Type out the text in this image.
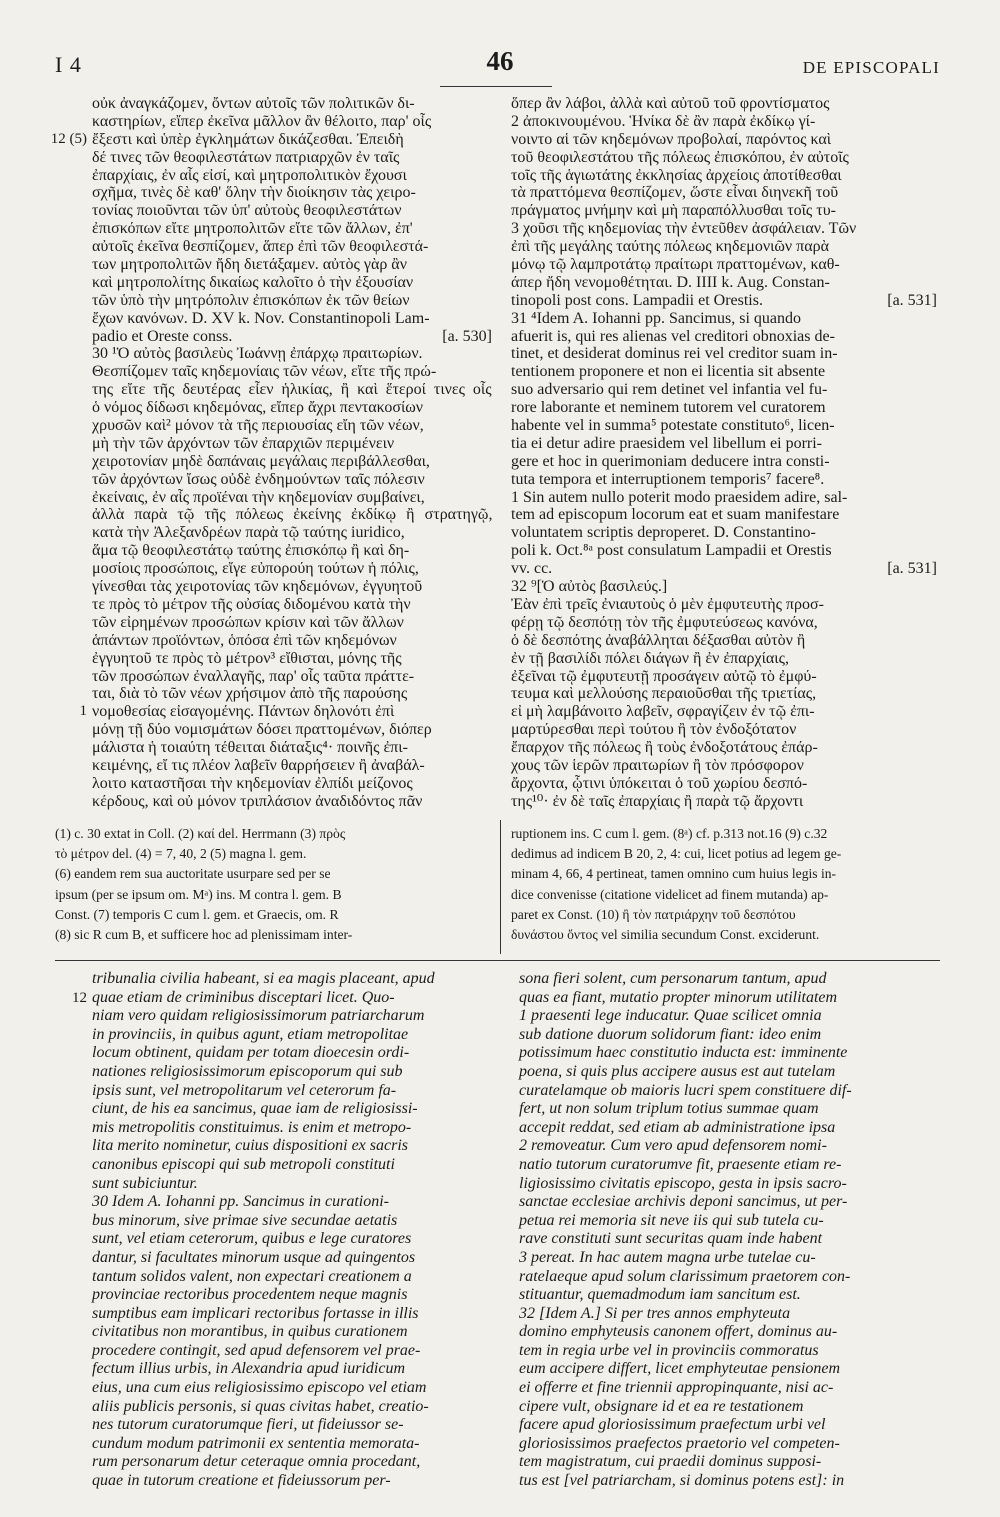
I 4	46	DE EPISCOPALI
οὐκ ἀναγκάζομεν, ὄντων αὐτοῖς τῶν πολιτικῶν δι-
καστηρίων, εἴπερ ἐκεῖνα μᾶλλον ἂν θέλοιτο, παρ' οἷς
12 (5) ἔξεστι καὶ ὑπὲρ ἐγκλημάτων δικάζεσθαι. Ἐπειδὴ
δέ τινες τῶν θεοφιλεστάτων πατριαρχῶν ἐν ταῖς
ἐπαρχίαις, ἐν αἷς εἰσί, καὶ μητροπολιτικὸν ἔχουσι
σχῆμα, τινὲς δὲ καθ' ὅλην τὴν διοίκησιν τὰς χειρο-
τονίας ποιοῦνται τῶν ὑπ' αὐτοὺς θεοφιλεστάτων
ἐπισκόπων εἴτε μητροπολιτῶν εἴτε τῶν ἄλλων, ἐπ'
αὐτοῖς ἐκεῖνα θεσπίζομεν, ἅπερ ἐπὶ τῶν θεοφιλεστά-
των μητροπολιτῶν ἤδη διετάξαμεν. αὐτὸς γὰρ ἂν
καὶ μητροπολίτης δικαίως καλοῖτο ὁ τὴν ἐξουσίαν
τῶν ὑπὸ τὴν μητρόπολιν ἐπισκόπων ἐκ τῶν θείων
ἔχων κανόνων. D. XV k. Nov. Constantinopoli Lam-
padio et Oreste conss.	[a. 530]
30 ¹Ὁ αὐτὸς βασιλεὺς Ἰωάννῃ ἐπάρχῳ πραιτωρίων.
Θεσπίζομεν ταῖς κηδεμονίαις τῶν νέων, εἴτε τῆς πρώ-
της εἴτε τῆς δευτέρας εἶεν ἡλικίας, ἢ καὶ ἕτεροί τινες οἷς
ὁ νόμος δίδωσι κηδεμόνας, εἴπερ ἄχρι πεντακοσίων
χρυσῶν καὶ² μόνον τὰ τῆς περιουσίας εἴη τῶν νέων,
μὴ τὴν τῶν ἀρχόντων τῶν ἐπαρχιῶν περιμένειν
χειροτονίαν μηδὲ δαπάναις μεγάλαις περιβάλλεσθαι,
τῶν ἀρχόντων ἴσως οὐδὲ ἐνδημούντων ταῖς πόλεσιν
ἐκείναις, ἐν αἷς προϊέναι τὴν κηδεμονίαν συμβαίνει,
ἀλλὰ παρὰ τῷ τῆς πόλεως ἐκείνης ἐκδίκῳ ἢ στρατηγῷ,
κατὰ τὴν Ἀλεξανδρέων παρὰ τῷ ταύτης iuridico,
ἅμα τῷ θεοφιλεστάτῳ ταύτης ἐπισκόπῳ ἢ καὶ δη-
μοσίοις προσώποις, εἴγε εὐπορούη τούτων ἡ πόλις,
γίνεσθαι τὰς χειροτονίας τῶν κηδεμόνων, ἐγγυητοῦ
τε πρὸς τὸ μέτρον τῆς οὐσίας διδομένου κατὰ τὴν
τῶν εἰρημένων προσώπων κρίσιν καὶ τῶν ἄλλων
ἁπάντων προϊόντων, ὁπόσα ἐπὶ τῶν κηδεμόνων
ἐγγυητοῦ τε πρὸς τὸ μέτρον³ εἴθισται, μόνης τῆς
τῶν προσώπων ἐναλλαγῆς, παρ' οἷς ταῦτα πράττε-
ται, διὰ τὸ τῶν νέων χρήσιμον ἀπὸ τῆς παρούσης
1 νομοθεσίας εἰσαγομένης. Πάντων δηλονότι ἐπὶ
μόνῃ τῇ δύο νομισμάτων δόσει πραττομένων, διόπερ
μάλιστα ἡ τοιαύτη τέθειται διάταξις⁴· ποινῆς ἐπι-
κειμένης, εἴ τις πλέον λαβεῖν θαρρήσειεν ἢ ἀναβάλ-
λοιτο καταστῆσαι τὴν κηδεμονίαν ἐλπίδι μείζονος
κέρδους, καὶ οὐ μόνον τριπλάσιον ἀναδιδόντος πᾶν
ὅπερ ἂν λάβοι, ἀλλὰ καὶ αὐτοῦ τοῦ φροντίσματος
2 ἀποκινουμένου. Ἡνίκα δὲ ἂν παρὰ ἐκδίκῳ γί-
νοιντο αἱ τῶν κηδεμόνων προβολαί, παρόντος καὶ
τοῦ θεοφιλεστάτου τῆς πόλεως ἐπισκόπου, ἐν αὐτοῖς
τοῖς τῆς ἁγιωτάτης ἐκκλησίας ἀρχείοις ἀποτίθεσθαι
τὰ πραττόμενα θεσπίζομεν, ὥστε εἶναι διηνεκῆ τοῦ
πράγματος μνήμην καὶ μὴ παραπόλλυσθαι τοῖς τυ-
3 χοῦσι τῆς κηδεμονίας τὴν ἐντεῦθεν ἀσφάλειαν. Τῶν
ἐπὶ τῆς μεγάλης ταύτης πόλεως κηδεμονιῶν παρὰ
μόνῳ τῷ λαμπροτάτῳ πραίτωρι πραττομένων, καθ-
άπερ ἤδη νενομοθέτηται. D. IIII k. Aug. Constan-
tinopoli post cons. Lampadii et Orestis.	[a. 531]
31 ⁴Idem A. Iohanni pp. Sancimus, si quando
afuerit is, qui res alienas vel creditori obnoxias de-
tinet, et desiderat dominus rei vel creditor suam in-
tentionem proponere et non ei licentia sit absente
suo adversario qui rem detinet vel infantia vel fu-
rore laborante et neminem tutorem vel curatorem
habente vel in summa⁵ potestate constituto⁶, licen-
tia ei detur adire praesidem vel libellum ei porri-
gere et hoc in querimoniam deducere intra consti-
tuta tempora et interruptionem temporis⁷ facere⁸.
1 Sin autem nullo poterit modo praesidem adire, sal-
tem ad episcopum locorum eat et suam manifestare
voluntatem scriptis deproperet. D. Constantino-
poli k. Oct.⁸ᵃ post consulatum Lampadii et Orestis
vv. cc.	[a. 531]
32 ⁹[Ὁ αὐτὸς βασιλεύς.]
Ἐὰν ἐπὶ τρεῖς ἐνιαυτοὺς ὁ μὲν ἐμφυτευτὴς προσ-
φέρῃ τῷ δεσπότῃ τὸν τῆς ἐμφυτεύσεως κανόνα,
ὁ δὲ δεσπότης ἀναβάλληται δέξασθαι αὐτὸν ἢ
ἐν τῇ βασιλίδι πόλει διάγων ἢ ἐν ἐπαρχίαις,
ἐξεῖναι τῷ ἐμφυτευτῇ προσάγειν αὐτῷ τὸ ἐμφύ-
τευμα καὶ μελλούσης περαιοῦσθαι τῆς τριετίας,
εἰ μὴ λαμβάνοιτο λαβεῖν, σφραγίζειν ἐν τῷ ἐπι-
μαρτύρεσθαι περὶ τούτου ἢ τὸν ἐνδοξότατον
ἔπαρχον τῆς πόλεως ἢ τοὺς ἐνδοξοτάτους ἐπάρ-
χους τῶν ἱερῶν πραιτωρίων ἢ τὸν πρόσφορον
ἄρχοντα, ᾧτινι ὑπόκειται ὁ τοῦ χωρίου δεσπό-
της¹⁰· ἐν δὲ ταῖς ἐπαρχίαις ἢ παρὰ τῷ ἄρχοντι
(1) c. 30 extat in Coll. (2) καί del. Herrmann (3) πρὸς
τὸ μέτρον del. (4) = 7, 40, 2 (5) magna l. gem.
(6) eandem rem sua auctoritate usurpare sed per se
ipsum (per se ipsum om. Mᵃ) ins. M contra l. gem. B
Const. (7) temporis C cum l. gem. et Graecis, om. R
(8) sic R cum B, et sufficere hoc ad plenissimam inter-
ruptionem ins. C cum l. gem. (8ᵃ) cf. p.313 not.16 (9) c.32
dedimus ad indicem B 20, 2, 4: cui, licet potius ad legem ge-
minam 4, 66, 4 pertineat, tamen omnino cum huius legis in-
dice convenisse (citatione videlicet ad finem mutanda) ap-
paret ex Const. (10) ἢ τὸν πατριάρχην τοῦ δεσπότου
δυνάστου ὄντος vel similia secundum Const. exciderunt.
tribunalia civilia habeant, si ea magis placeant, apud
12 quae etiam de criminibus disceptari licet. Quo-
niam vero quidam religiosissimorum patriarcharum
in provinciis, in quibus agunt, etiam metropolitae
locum obtinent, quidam per totam dioecesin ordi-
nationes religiosissimorum episcoporum qui sub
ipsis sunt, vel metropolitarum vel ceterorum fa-
ciunt, de his ea sancimus, quae iam de religiosissi-
mis metropolitis constituimus. is enim et metropo-
lita merito nominetur, cuius dispositioni ex sacris
canonibus episcopi qui sub metropoli constituti
sunt subiciuntur.
30 Idem A. Iohanni pp. Sancimus in curationi-
bus minorum, sive primae sive secundae aetatis
sunt, vel etiam ceterorum, quibus e lege curatores
dantur, si facultates minorum usque ad quingentos
tantum solidos valent, non expectari creationem a
provinciae rectoribus procedentem neque magnis
sumptibus eam implicari rectoribus fortasse in illis
civitatibus non morantibus, in quibus curationem
procedere contingit, sed apud defensorem vel prae-
fectum illius urbis, in Alexandria apud iuridicum
eius, una cum eius religiosissimo episcopo vel etiam
aliis publicis personis, si quas civitas habet, creatio-
nes tutorum curatorumque fieri, ut fideiussor se-
cundum modum patrimonii ex sententia memorata-
rum personarum detur ceteraque omnia procedant,
quae in tutorum creatione et fideiussorum per-
sona fieri solent, cum personarum tantum, apud
quas ea fiant, mutatio propter minorum utilitatem
1 praesenti lege inducatur. Quae scilicet omnia
sub datione duorum solidorum fiant: ideo enim
potissimum haec constitutio inducta est: imminente
poena, si quis plus accipere ausus est aut tutelam
curatelamque ob maioris lucri spem constituere dif-
fert, ut non solum triplum totius summae quam
accepit reddat, sed etiam ab administratione ipsa
2 removeatur. Cum vero apud defensorem nomi-
natio tutorum curatorumve fit, praesente etiam re-
ligiosissimo civitatis episcopo, gesta in ipsis sacro-
sanctae ecclesiae archivis deponi sancimus, ut per-
petua rei memoria sit neve iis qui sub tutela cu-
rave constituti sunt securitas quam inde habent
3 pereat. In hac autem magna urbe tutelae cu-
ratelaeque apud solum clarissimum praetorem con-
stituantur, quemadmodum iam sancitum est.
32 [Idem A.] Si per tres annos emphyteuta
domino emphyteusis canonem offert, dominus au-
tem in regia urbe vel in provinciis commoratus
eum accipere differt, licet emphyteutae pensionem
ei offerre et fine triennii appropinquante, nisi ac-
cipere vult, obsignare id et ea re testationem
facere apud gloriosissimum praefectum urbi vel
gloriosissimos praefectos praetorio vel competen-
tem magistratum, cui praedii dominus supposi-
tus est [vel patriarcham, si dominus potens est]: in
